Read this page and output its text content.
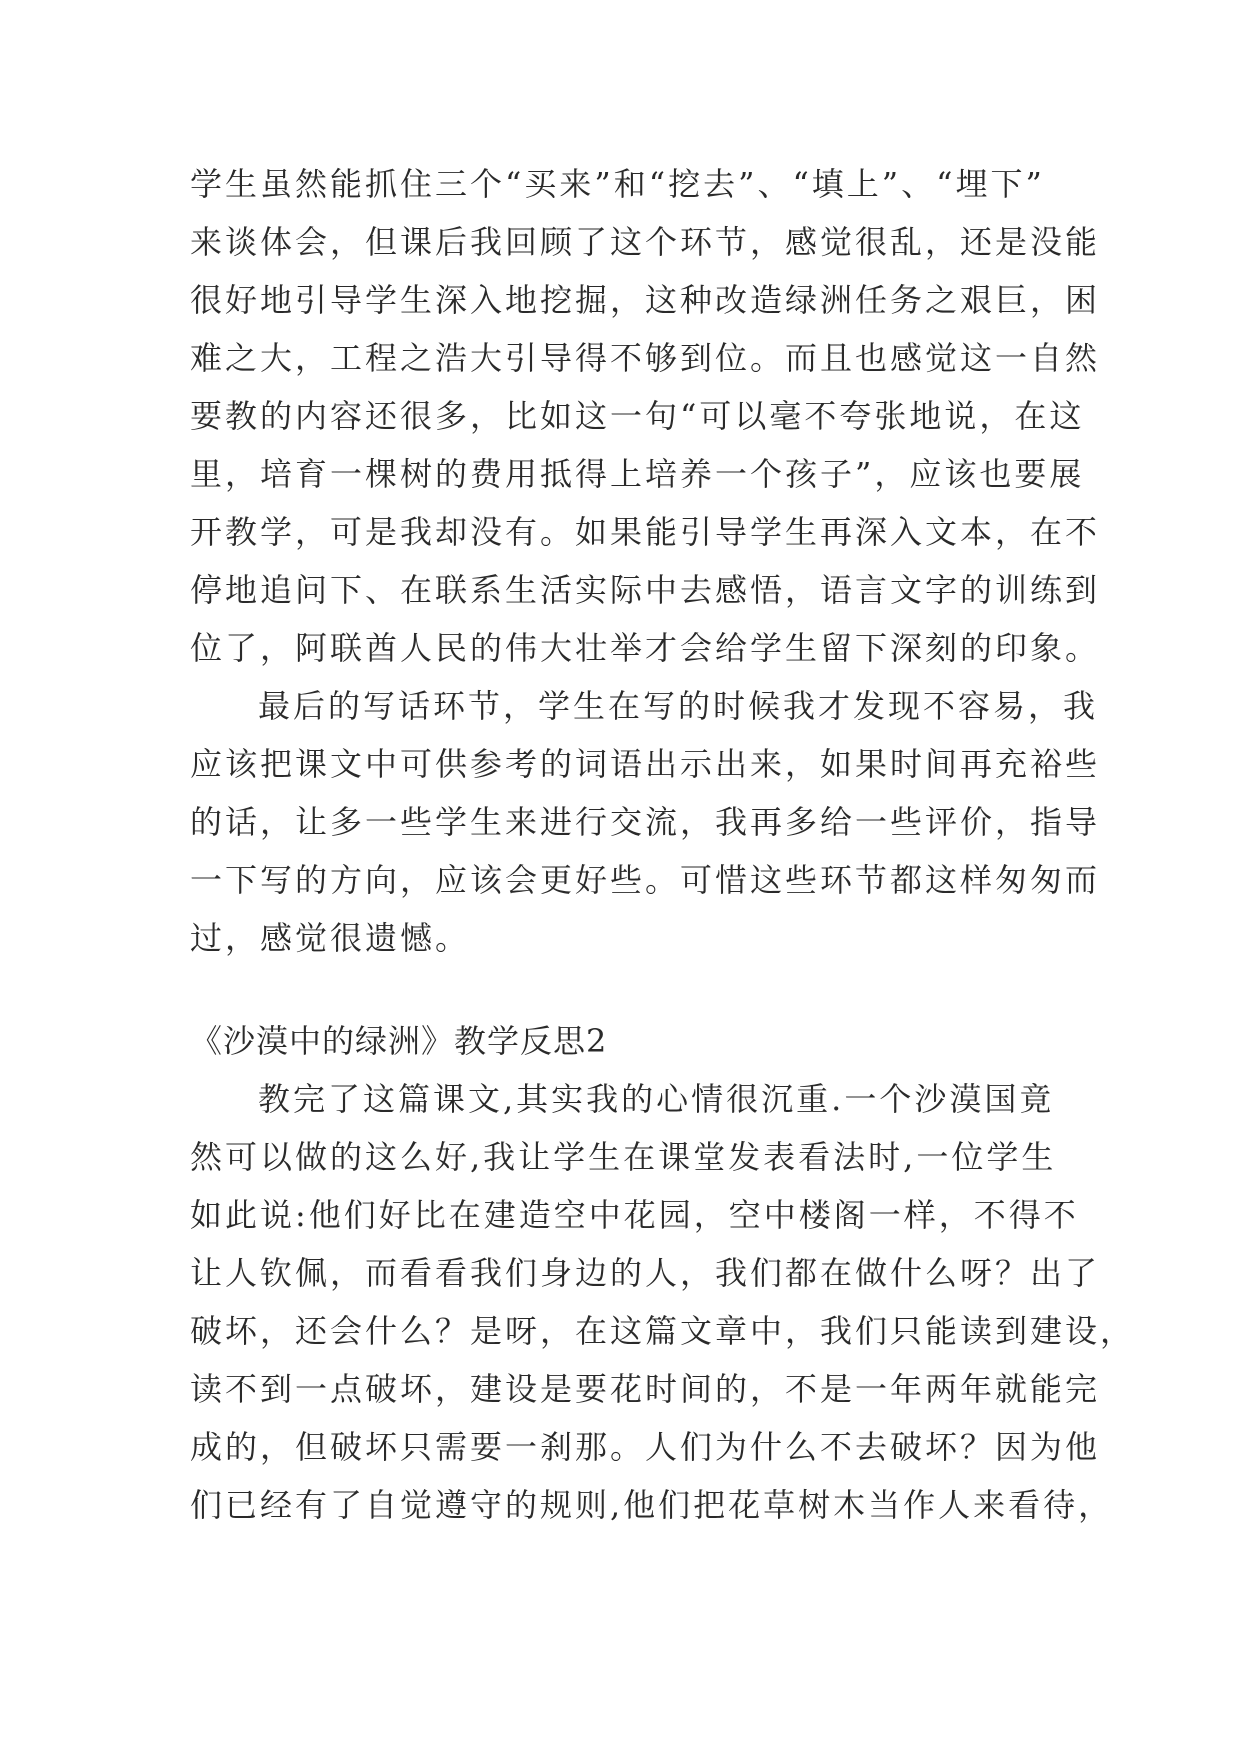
学生虽然能抓住三个“买来”和“挖去”、“填上”、“埋下”
来谈体会，但课后我回顾了这个环节，感觉很乱，还是没能
很好地引导学生深入地挖掘，这种改造绿洲任务之艰巨，困
难之大，工程之浩大引导得不够到位。而且也感觉这一自然
要教的内容还很多，比如这一句“可以毫不夸张地说，在这
里，培育一棵树的费用抵得上培养一个孩子”，应该也要展
开教学，可是我却没有。如果能引导学生再深入文本，在不
停地追问下、在联系生活实际中去感悟，语言文字的训练到
位了，阿联酋人民的伟大壮举才会给学生留下深刻的印象。
最后的写话环节，学生在写的时候我才发现不容易，我
应该把课文中可供参考的词语出示出来，如果时间再充裕些
的话，让多一些学生来进行交流，我再多给一些评价，指导
一下写的方向，应该会更好些。可惜这些环节都这样匆匆而
过，感觉很遗憾。
《沙漠中的绿洲》教学反思2
教完了这篇课文,其实我的心情很沉重.一个沙漠国竟
然可以做的这么好,我让学生在课堂发表看法时,一位学生
如此说:他们好比在建造空中花园，空中楼阁一样，不得不
让人钦佩，而看看我们身边的人，我们都在做什么呀？出了
破坏，还会什么？是呀，在这篇文章中，我们只能读到建设，
读不到一点破坏，建设是要花时间的，不是一年两年就能完
成的，但破坏只需要一刹那。人们为什么不去破坏？因为他
们已经有了自觉遵守的规则,他们把花草树木当作人来看待，
